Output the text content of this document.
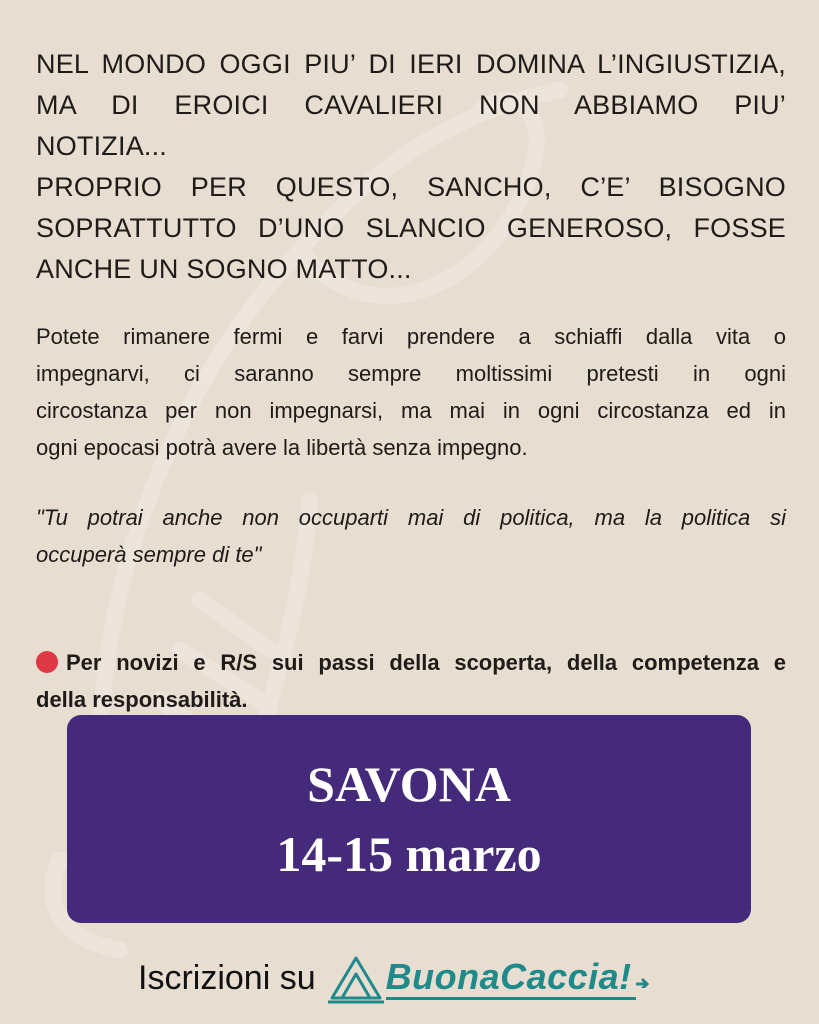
NEL MONDO OGGI PIU’ DI IERI DOMINA L’INGIUSTIZIA,
MA DI EROICI CAVALIERI NON ABBIAMO PIU’
NOTIZIA...
PROPRIO PER QUESTO, SANCHO, C’E’ BISOGNO
SOPRATTUTTO D’UNO SLANCIO GENEROSO, FOSSE
ANCHE UN SOGNO MATTO...
Potete rimanere fermi e farvi prendere a schiaffi dalla vita o
impegnarvi, ci saranno sempre moltissimi pretesti in ogni
circostanza per non impegnarsi, ma mai in ogni circostanza ed in
ogni epocasi potrà avere la libertà senza impegno.
"Tu potrai anche non occuparti mai di politica, ma la politica si
occuperà sempre di te"
Per novizi e R/S sui passi della scoperta, della competenza e
della responsabilità.
SAVONA
14-15 marzo
Iscrizioni su BuonaCaccia!
